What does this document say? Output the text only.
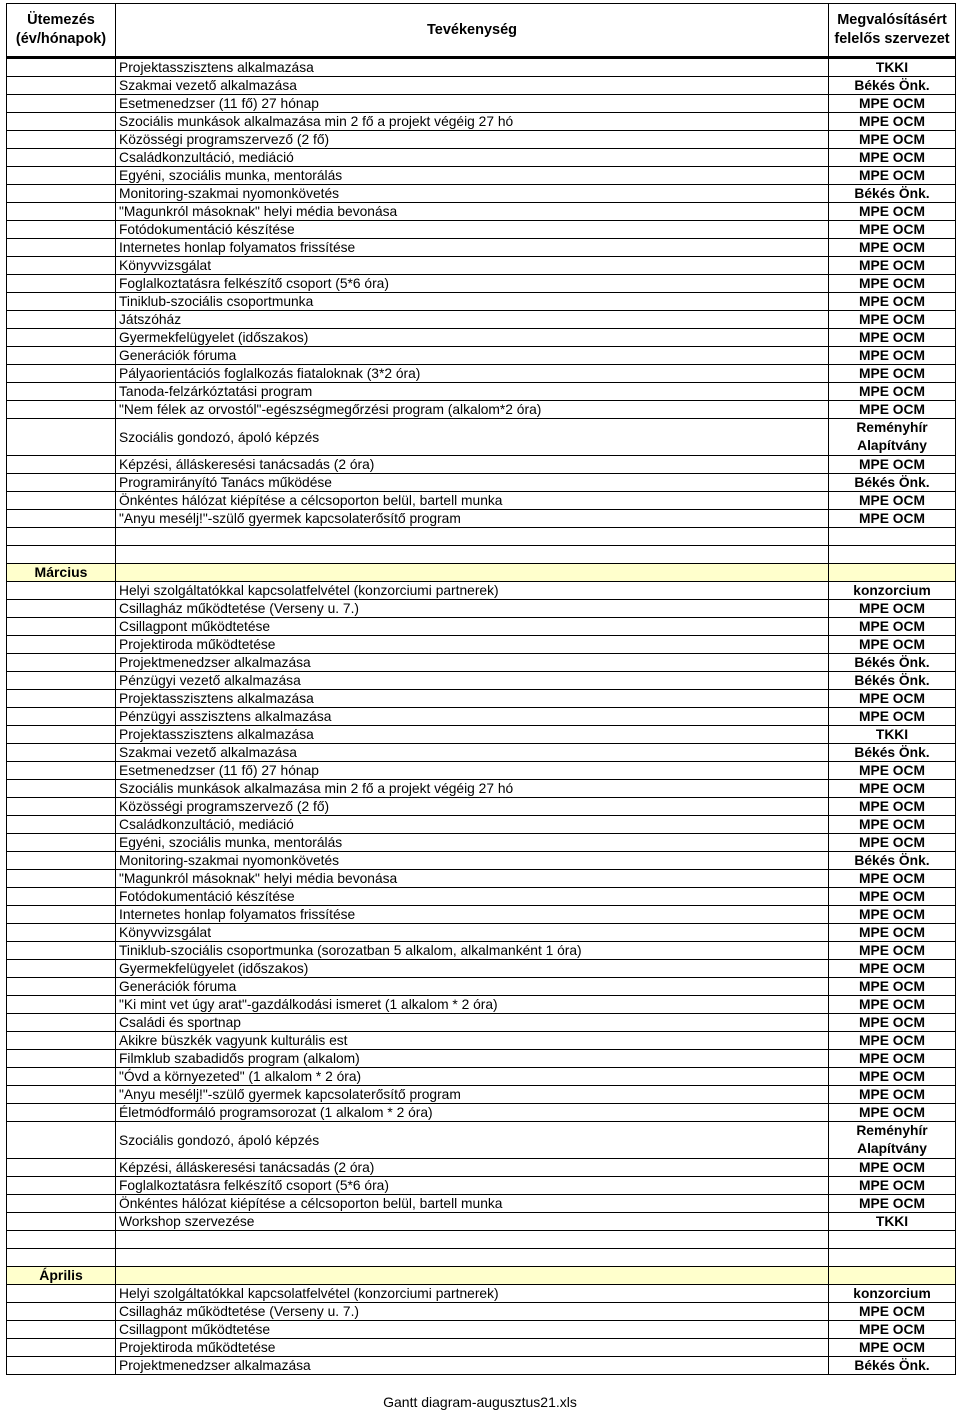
Ütemezés (év/hónapok)	Tevékenység	Megvalósításért felelős szervezet
	Projektasszisztens alkalmazása	TKKI
	Szakmai vezető alkalmazása	Békés Önk.
	Esetmenedzser (11 fő) 27 hónap	MPE OCM
	Szociális munkások alkalmazása min 2 fő a projekt végéig 27 hó	MPE OCM
	Közösségi programszervező (2 fő)	MPE OCM
	Családkonzultáció, mediáció	MPE OCM
	Egyéni, szociális munka, mentorálás	MPE OCM
	Monitoring-szakmai nyomonkövetés	Békés Önk.
	"Magunkról másoknak" helyi média bevonása	MPE OCM
	Fotódokumentáció készítése	MPE OCM
	Internetes honlap folyamatos frissítése	MPE OCM
	Könyvvizsgálat	MPE OCM
	Foglalkoztatásra felkészítő csoport (5*6 óra)	MPE OCM
	Tiniklub-szociális csoportmunka	MPE OCM
	Játszóház	MPE OCM
	Gyermekfelügyelet (időszakos)	MPE OCM
	Generációk fóruma	MPE OCM
	Pályaorientációs foglalkozás fiataloknak (3*2 óra)	MPE OCM
	Tanoda-felzárkóztatási program	MPE OCM
	"Nem félek az orvostól"-egészségmegőrzési program (alkalom*2 óra)	MPE OCM
	Szociális gondozó, ápoló képzés	Reményhír Alapítvány
	Képzési, álláskeresési tanácsadás (2 óra)	MPE OCM
	Programirányító Tanács működése	Békés Önk.
	Önkéntes hálózat kiépítése a célcsoporton belül, bartell munka	MPE OCM
	"Anyu mesélj!"-szülő gyermek kapcsolaterősítő program	MPE OCM

Március		
	Helyi szolgáltatókkal kapcsolatfelvétel (konzorciumi partnerek)	konzorcium
	Csillagház működtetése (Verseny u. 7.)	MPE OCM
	Csillagpont működtetése	MPE OCM
	Projektiroda működtetése	MPE OCM
	Projektmenedzser alkalmazása	Békés Önk.
	Pénzügyi vezető alkalmazása	Békés Önk.
	Projektasszisztens alkalmazása	MPE OCM
	Pénzügyi asszisztens alkalmazása	MPE OCM
	Projektasszisztens alkalmazása	TKKI
	Szakmai vezető alkalmazása	Békés Önk.
	Esetmenedzser (11 fő) 27 hónap	MPE OCM
	Szociális munkások alkalmazása min 2 fő a projekt végéig 27 hó	MPE OCM
	Közösségi programszervező (2 fő)	MPE OCM
	Családkonzultáció, mediáció	MPE OCM
	Egyéni, szociális munka, mentorálás	MPE OCM
	Monitoring-szakmai nyomonkövetés	Békés Önk.
	"Magunkról másoknak" helyi média bevonása	MPE OCM
	Fotódokumentáció készítése	MPE OCM
	Internetes honlap folyamatos frissítése	MPE OCM
	Könyvvizsgálat	MPE OCM
	Tiniklub-szociális csoportmunka (sorozatban 5 alkalom, alkalmanként 1 óra)	MPE OCM
	Gyermekfelügyelet (időszakos)	MPE OCM
	Generációk fóruma	MPE OCM
	"Ki mint vet úgy arat"-gazdálkodási ismeret (1 alkalom * 2 óra)	MPE OCM
	Családi és sportnap	MPE OCM
	Akikre büszkék vagyunk kulturális est	MPE OCM
	Filmklub szabadidős program (alkalom)	MPE OCM
	"Óvd a környezeted" (1 alkalom * 2 óra)	MPE OCM
	"Anyu mesélj!"-szülő gyermek kapcsolaterősítő program	MPE OCM
	Életmódformáló programsorozat (1 alkalom * 2 óra)	MPE OCM
	Szociális gondozó, ápoló képzés	Reményhír Alapítvány
	Képzési, álláskeresési tanácsadás (2 óra)	MPE OCM
	Foglalkoztatásra felkészítő csoport (5*6 óra)	MPE OCM
	Önkéntes hálózat kiépítése a célcsoporton belül, bartell munka	MPE OCM
	Workshop szervezése	TKKI

Április		
	Helyi szolgáltatókkal kapcsolatfelvétel (konzorciumi partnerek)	konzorcium
	Csillagház működtetése (Verseny u. 7.)	MPE OCM
	Csillagpont működtetése	MPE OCM
	Projektiroda működtetése	MPE OCM
	Projektmenedzser alkalmazása	Békés Önk.
Gantt diagram-augusztus21.xls
